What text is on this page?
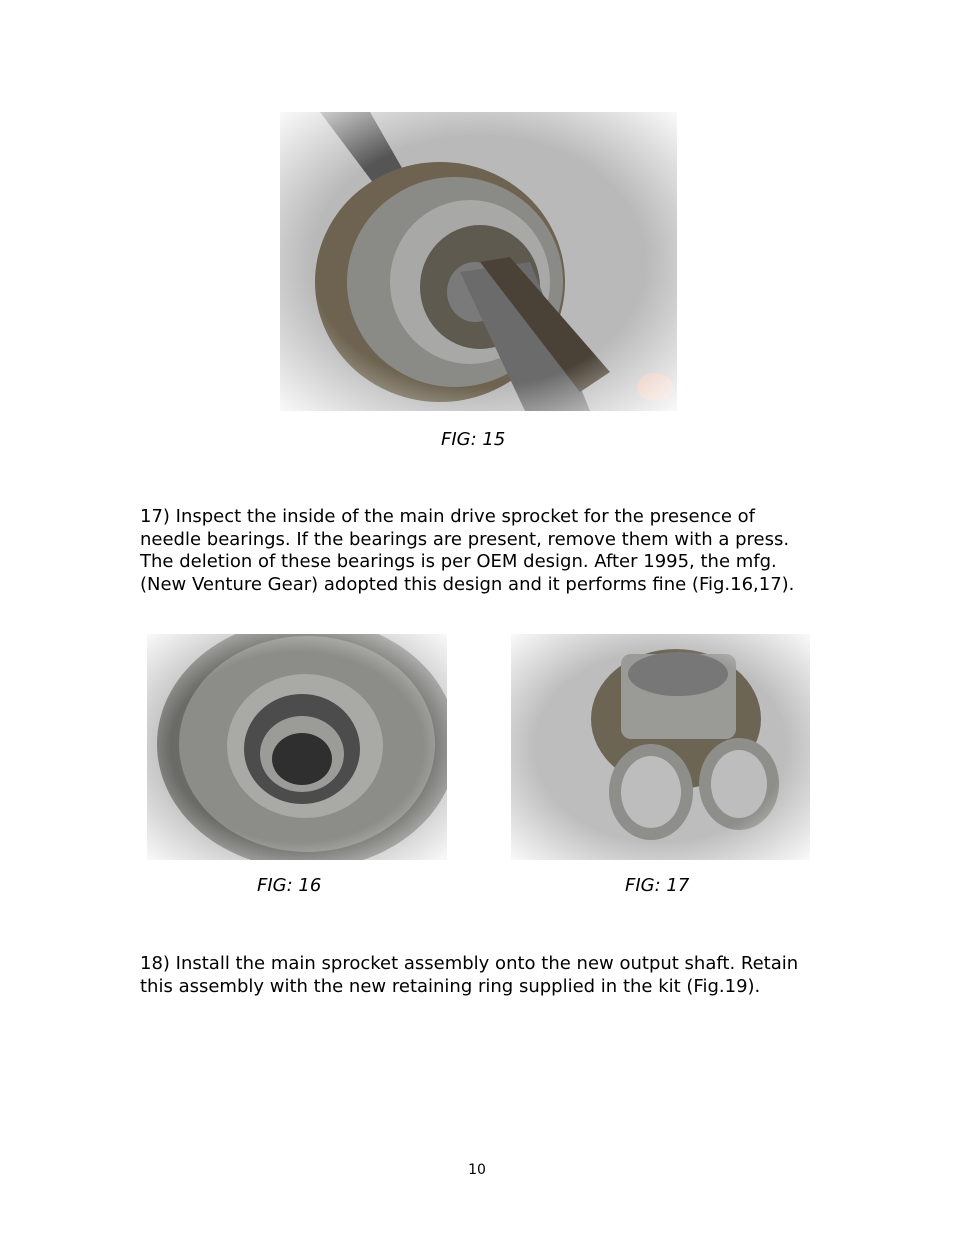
FIG: 15

17) Inspect the inside of the main drive sprocket for the presence of needle bearings. If the bearings are present, remove them with a press. The deletion of these bearings is per OEM design. After 1995, the mfg. (New Venture Gear) adopted this design and it performs fine (Fig.16,17).

FIG: 16	FIG: 17

18) Install the main sprocket assembly onto the new output shaft. Retain this assembly with the new retaining ring supplied in the kit (Fig.19).

10
